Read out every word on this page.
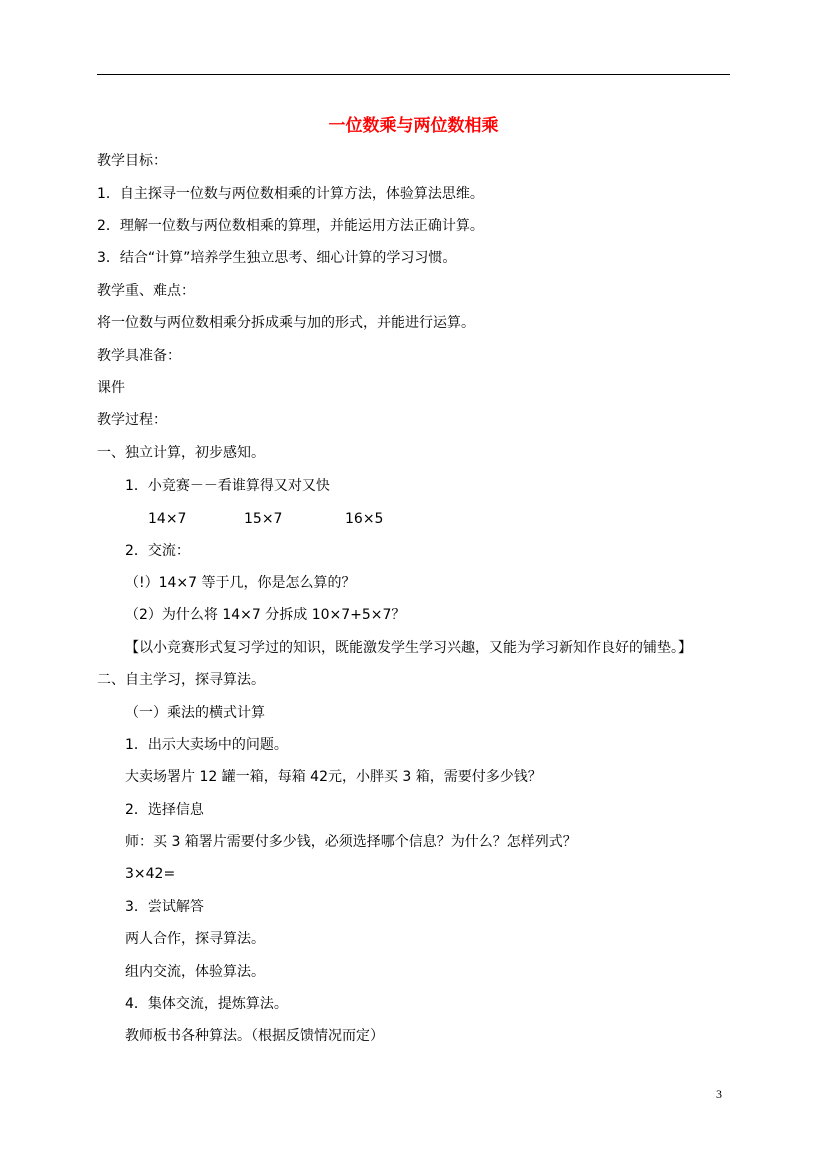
一位数乘与两位数相乘
教学目标：
1．自主探寻一位数与两位数相乘的计算方法，体验算法思维。
2．理解一位数与两位数相乘的算理，并能运用方法正确计算。
3．结合“计算”培养学生独立思考、细心计算的学习习惯。
教学重、难点：
将一位数与两位数相乘分拆成乘与加的形式，并能进行运算。
教学具准备：
课件
教学过程：
一、独立计算，初步感知。
1．小竞赛－－看谁算得又对又快
14×7	15×7	16×5
2．交流：
（!）14×7 等于几，你是怎么算的？
（2）为什么将 14×7 分拆成 10×7+5×7？
【以小竞赛形式复习学过的知识，既能激发学生学习兴趣，又能为学习新知作良好的铺垫。】
二、自主学习，探寻算法。
（一）乘法的横式计算
1．出示大卖场中的问题。
大卖场署片 12 罐一箱，每箱 42元，小胖买 3 箱，需要付多少钱？
2．选择信息
师：买 3 箱署片需要付多少钱，必须选择哪个信息？为什么？怎样列式？
3×42=
3．尝试解答
两人合作，探寻算法。
组内交流，体验算法。
4．集体交流，提炼算法。
教师板书各种算法。（根据反馈情况而定）
3
